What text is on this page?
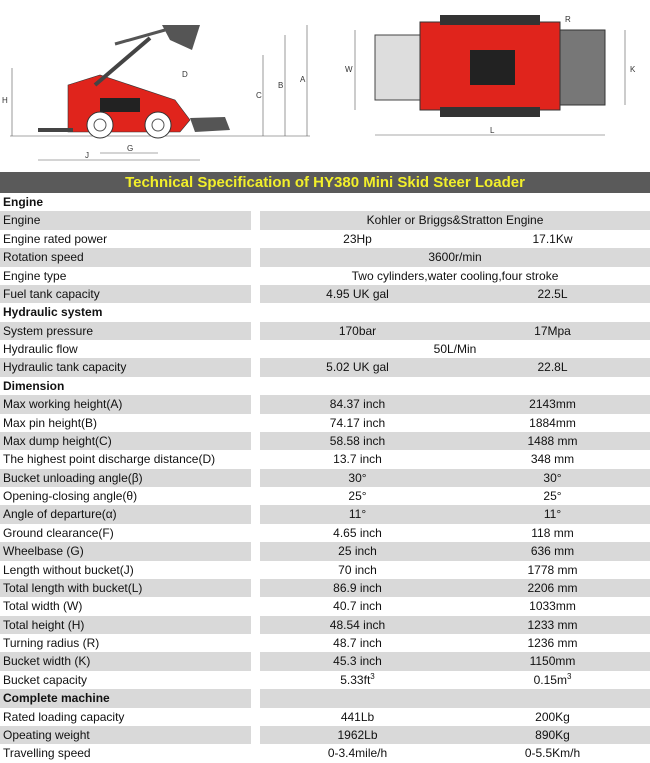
H
C
B
A
D
J
G
W
L
K
R
Technical Specification of HY380 Mini Skid Steer Loader
Engine
Engine	Kohler or Briggs&Stratton Engine
Engine rated power	23Hp	17.1Kw
Rotation speed	3600r/min
Engine type	Two cylinders,water cooling,four stroke
Fuel tank capacity	4.95 UK gal	22.5L
Hydraulic system
System pressure	170bar	17Mpa
Hydraulic flow	50L/Min
Hydraulic tank capacity	5.02 UK gal	22.8L
Dimension
Max working height(A)	84.37 inch	2143mm
Max pin height(B)	74.17 inch	1884mm
Max dump height(C)	58.58 inch	1488 mm
The highest point discharge distance(D)	13.7 inch	348 mm
Bucket unloading angle(β)	30°	30°
Opening-closing angle(θ)	25°	25°
Angle of departure(α)	11°	11°
Ground clearance(F)	4.65 inch	118 mm
Wheelbase (G)	25 inch	636 mm
Length without bucket(J)	70 inch	1778 mm
Total length with bucket(L)	86.9 inch	2206 mm
Total width (W)	40.7 inch	1033mm
Total height (H)	48.54 inch	1233 mm
Turning radius (R)	48.7 inch	1236 mm
Bucket width (K)	45.3 inch	1150mm
Bucket capacity	$5.33ft^3$	$0.15m^3$
Complete machine
Rated loading capacity	441Lb	200Kg
Opeating weight	1962Lb	890Kg
Travelling speed	0-3.4mile/h	0-5.5Km/h
